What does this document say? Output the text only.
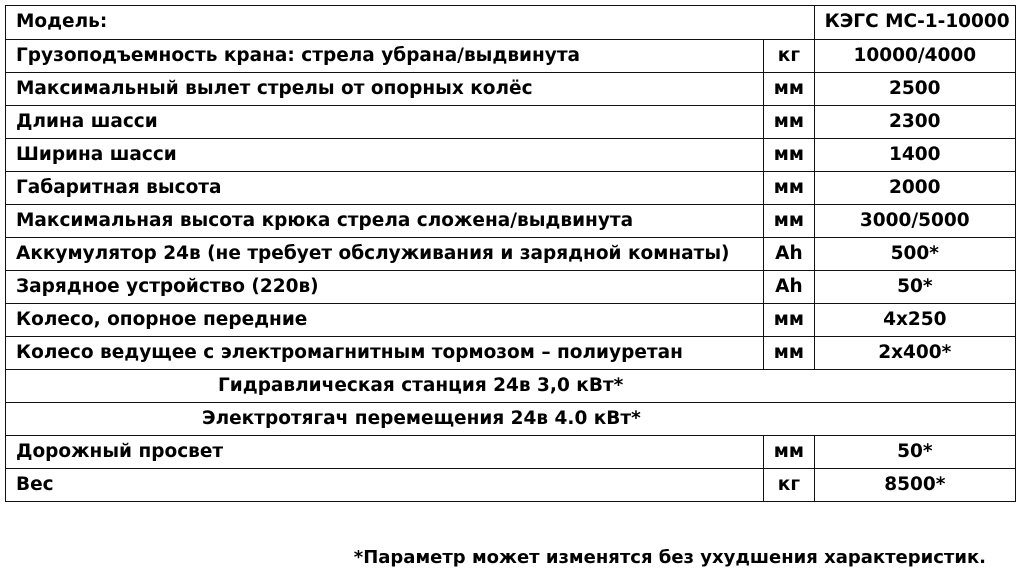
Модель:		КЭГС МС-1-10000
Грузоподъемность крана: стрела убрана/выдвинута	кг	10000/4000
Максимальный вылет стрелы от опорных колёс	мм	2500
Длина шасси	мм	2300
Ширина шасси	мм	1400
Габаритная высота	мм	2000
Максимальная высота крюка стрела сложена/выдвинута	мм	3000/5000
Аккумулятор 24в (не требует обслуживания и зарядной комнаты)	Ah	500*
Зарядное устройство (220в)	Ah	50*
Колесо, опорное передние	мм	4x250
Колесо ведущее с электромагнитным тормозом – полиуретан	мм	2x400*
Гидравлическая станция 24в 3,0 кВт*		
Электротягач перемещения 24в 4.0 кВт*		
Дорожный просвет	мм	50*
Вес	кг	8500*
*Параметр может изменятся без ухудшения характеристик.
